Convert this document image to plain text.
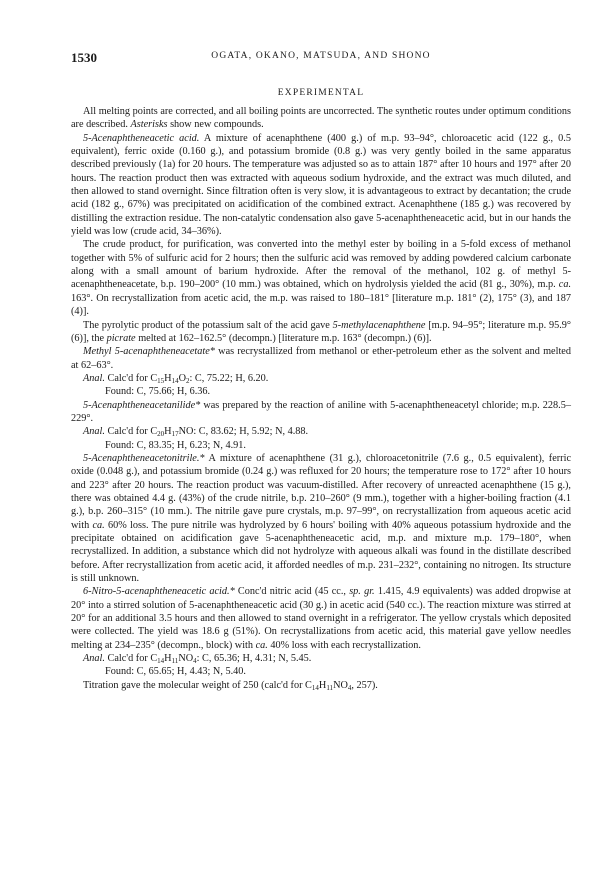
1530	OGATA, OKANO, MATSUDA, AND SHONO
EXPERIMENTAL

All melting points are corrected, and all boiling points are uncorrected. The synthetic routes under optimum conditions are described. Asterisks show new compounds.

5-Acenaphtheneacetic acid. A mixture of acenaphthene (400 g.) of m.p. 93–94°, chloroacetic acid (122 g., 0.5 equivalent), ferric oxide (0.160 g.), and potassium bromide (0.8 g.) was very gently boiled in the same apparatus described previously (1a) for 20 hours. The temperature was adjusted so as to attain 187° after 10 hours and 197° after 20 hours. The reaction product then was extracted with aqueous sodium hydroxide, and the extract was much diluted, and then allowed to stand overnight. Since filtration often is very slow, it is advantageous to extract by decantation; the crude acid (182 g., 67%) was precipitated on acidification of the combined extract. Acenaphthene (185 g.) was recovered by distilling the extraction residue. The non-catalytic condensation also gave 5-acenaphtheneacetic acid, but in our hands the yield was low (crude acid, 34–36%).

The crude product, for purification, was converted into the methyl ester by boiling in a 5-fold excess of methanol together with 5% of sulfuric acid for 2 hours; then the sulfuric acid was removed by adding powdered calcium carbonate along with a small amount of barium hydroxide. After the removal of the methanol, 102 g. of methyl 5-acenaphtheneacetate, b.p. 190–200° (10 mm.) was obtained, which on hydrolysis yielded the acid (81 g., 30%), m.p. ca. 163°. On recrystallization from acetic acid, the m.p. was raised to 180–181° [literature m.p. 181° (2), 175° (3), and 187 (4)].

The pyrolytic product of the potassium salt of the acid gave 5-methylacenaphthene [m.p. 94–95°; literature m.p. 95.9° (6)], the picrate melted at 162–162.5° (decompn.) [literature m.p. 163° (decompn.) (6)].

Methyl 5-acenaphtheneacetate* was recrystallized from methanol or ether-petroleum ether as the solvent and melted at 62–63°.

Anal. Calc'd for $C_{15}H_{14}O_2$: C, 75.22; H, 6.20.

Found: C, 75.66; H, 6.36.

5-Acenaphtheneacetanilide* was prepared by the reaction of aniline with 5-acenaphtheneacetyl chloride; m.p. 228.5–229°.

Anal. Calc'd for $C_{20}H_{17}NO$: C, 83.62; H, 5.92; N, 4.88.

Found: C, 83.35; H, 6.23; N, 4.91.

5-Acenaphtheneacetonitrile.* A mixture of acenaphthene (31 g.), chloroacetonitrile (7.6 g., 0.5 equivalent), ferric oxide (0.048 g.), and potassium bromide (0.24 g.) was refluxed for 20 hours; the temperature rose to 172° after 10 hours and 223° after 20 hours. The reaction product was vacuum-distilled. After recovery of unreacted acenaphthene (15 g.), there was obtained 4.4 g. (43%) of the crude nitrile, b.p. 210–260° (9 mm.), together with a higher-boiling fraction (4.1 g.), b.p. 260–315° (10 mm.). The nitrile gave pure crystals, m.p. 97–99°, on recrystallization from aqueous acetic acid with ca. 60% loss. The pure nitrile was hydrolyzed by 6 hours' boiling with 40% aqueous potassium hydroxide and the precipitate obtained on acidification gave 5-acenaphtheneacetic acid, m.p. and mixture m.p. 179–180°, when recrystallized. In addition, a substance which did not hydrolyze with aqueous alkali was found in the distillate described before. After recrystallization from acetic acid, it afforded needles of m.p. 231–232°, containing no nitrogen. Its structure is still unknown.

6-Nitro-5-acenaphtheneacetic acid.* Conc'd nitric acid (45 cc., sp. gr. 1.415, 4.9 equivalents) was added dropwise at 20° into a stirred solution of 5-acenaphtheneacetic acid (30 g.) in acetic acid (540 cc.). The reaction mixture was stirred at 20° for an additional 3.5 hours and then allowed to stand overnight in a refrigerator. The yellow crystals which deposited were collected. The yield was 18.6 g (51%). On recrystallizations from acetic acid, this material gave yellow needles melting at 234–235° (decompn., block) with ca. 40% loss with each recrystallization.

Anal. Calc'd for $C_{14}H_{11}NO_4$: C, 65.36; H, 4.31; N, 5.45.

Found: C, 65.65; H, 4.43; N, 5.40.

Titration gave the molecular weight of 250 (calc'd for $C_{14}H_{11}NO_4$, 257).
